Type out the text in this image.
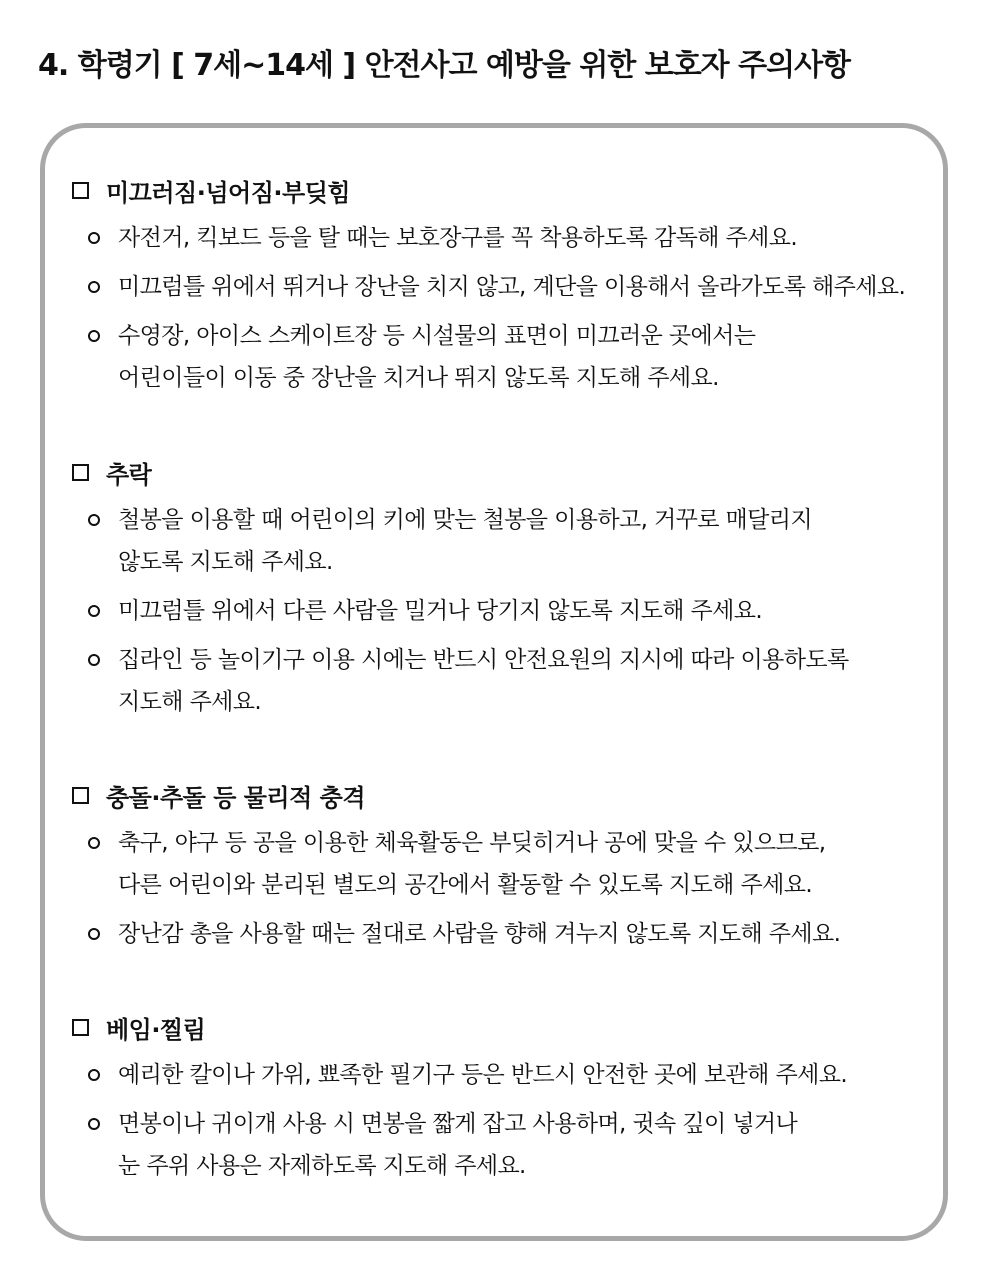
4. 학령기 [ 7세~14세 ] 안전사고 예방을 위한 보호자 주의사항
미끄러짐·넘어짐·부딪힘
자전거, 킥보드 등을 탈 때는 보호장구를 꼭 착용하도록 감독해 주세요.
미끄럼틀 위에서 뛰거나 장난을 치지 않고, 계단을 이용해서 올라가도록 해주세요.
수영장, 아이스 스케이트장 등 시설물의 표면이 미끄러운 곳에서는
어린이들이 이동 중 장난을 치거나 뛰지 않도록 지도해 주세요.
추락
철봉을 이용할 때 어린이의 키에 맞는 철봉을 이용하고, 거꾸로 매달리지
않도록 지도해 주세요.
미끄럼틀 위에서 다른 사람을 밀거나 당기지 않도록 지도해 주세요.
집라인 등 놀이기구 이용 시에는 반드시 안전요원의 지시에 따라 이용하도록
지도해 주세요.
충돌·추돌 등 물리적 충격
축구, 야구 등 공을 이용한 체육활동은 부딪히거나 공에 맞을 수 있으므로,
다른 어린이와 분리된 별도의 공간에서 활동할 수 있도록 지도해 주세요.
장난감 총을 사용할 때는 절대로 사람을 향해 겨누지 않도록 지도해 주세요.
베임·찔림
예리한 칼이나 가위, 뾰족한 필기구 등은 반드시 안전한 곳에 보관해 주세요.
면봉이나 귀이개 사용 시 면봉을 짧게 잡고 사용하며, 귓속 깊이 넣거나
눈 주위 사용은 자제하도록 지도해 주세요.
